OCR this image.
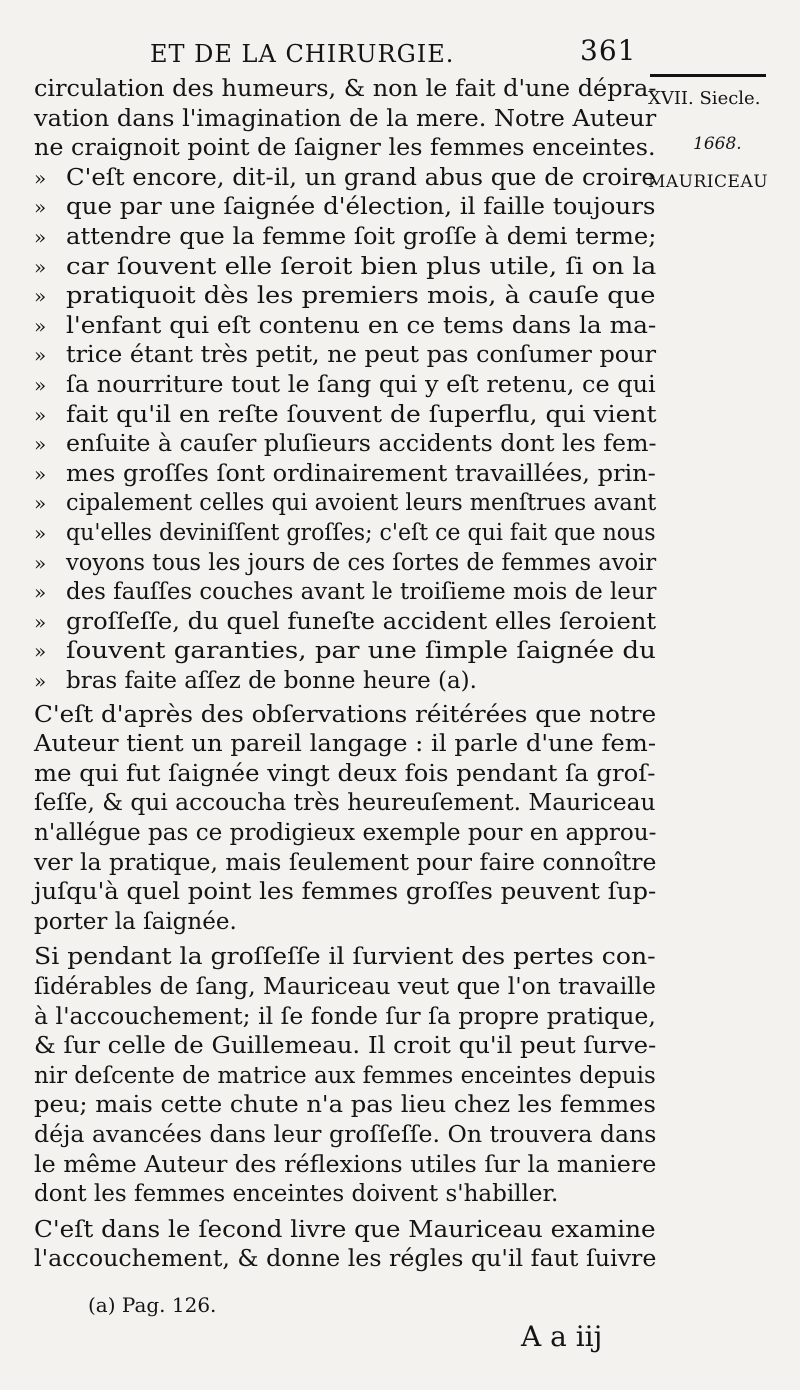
ET DE LA CHIRURGIE.	361
XVII. Siecle.
1668.
MAURICEAU
circulation des humeurs, & non le fait d'une dépra-
vation dans l'imagination de la mere. Notre Auteur
ne craignoit point de ſaigner les femmes enceintes.
» C'eſt encore, dit-il, un grand abus que de croire
» que par une ſaignée d'élection, il faille toujours
» attendre que la femme ſoit groſſe à demi terme;
» car ſouvent elle ſeroit bien plus utile, ſi on la
» pratiquoit dès les premiers mois, à cauſe que
» l'enfant qui eſt contenu en ce tems dans la ma-
» trice étant très petit, ne peut pas conſumer pour
» ſa nourriture tout le ſang qui y eſt retenu, ce qui
» fait qu'il en reſte ſouvent de ſuperflu, qui vient
» enſuite à cauſer pluſieurs accidents dont les fem-
» mes groſſes ſont ordinairement travaillées, prin-
» cipalement celles qui avoient leurs menſtrues avant
» qu'elles deviniſſent groſſes; c'eſt ce qui fait que nous
» voyons tous les jours de ces ſortes de femmes avoir
» des fauſſes couches avant le troiſieme mois de leur
» groſſeſſe, du quel funeſte accident elles ſeroient
» ſouvent garanties, par une ſimple ſaignée du
» bras faite aſſez de bonne heure (a).
C'eſt d'après des obſervations réitérées que notre
Auteur tient un pareil langage : il parle d'une fem-
me qui fut ſaignée vingt deux fois pendant ſa groſ-
ſeſſe, & qui accoucha très heureuſement. Mauriceau
n'allégue pas ce prodigieux exemple pour en approu-
ver la pratique, mais ſeulement pour faire connoître
juſqu'à quel point les femmes groſſes peuvent ſup-
porter la ſaignée.
Si pendant la groſſeſſe il ſurvient des pertes con-
ſidérables de ſang, Mauriceau veut que l'on travaille
à l'accouchement; il ſe fonde ſur ſa propre pratique,
& ſur celle de Guillemeau. Il croit qu'il peut ſurve-
nir deſcente de matrice aux femmes enceintes depuis
peu; mais cette chute n'a pas lieu chez les femmes
déja avancées dans leur groſſeſſe. On trouvera dans
le même Auteur des réflexions utiles ſur la maniere
dont les femmes enceintes doivent s'habiller.
C'eſt dans le ſecond livre que Mauriceau examine
l'accouchement, & donne les régles qu'il faut ſuivre
(a) Pag. 126.
A a iij
